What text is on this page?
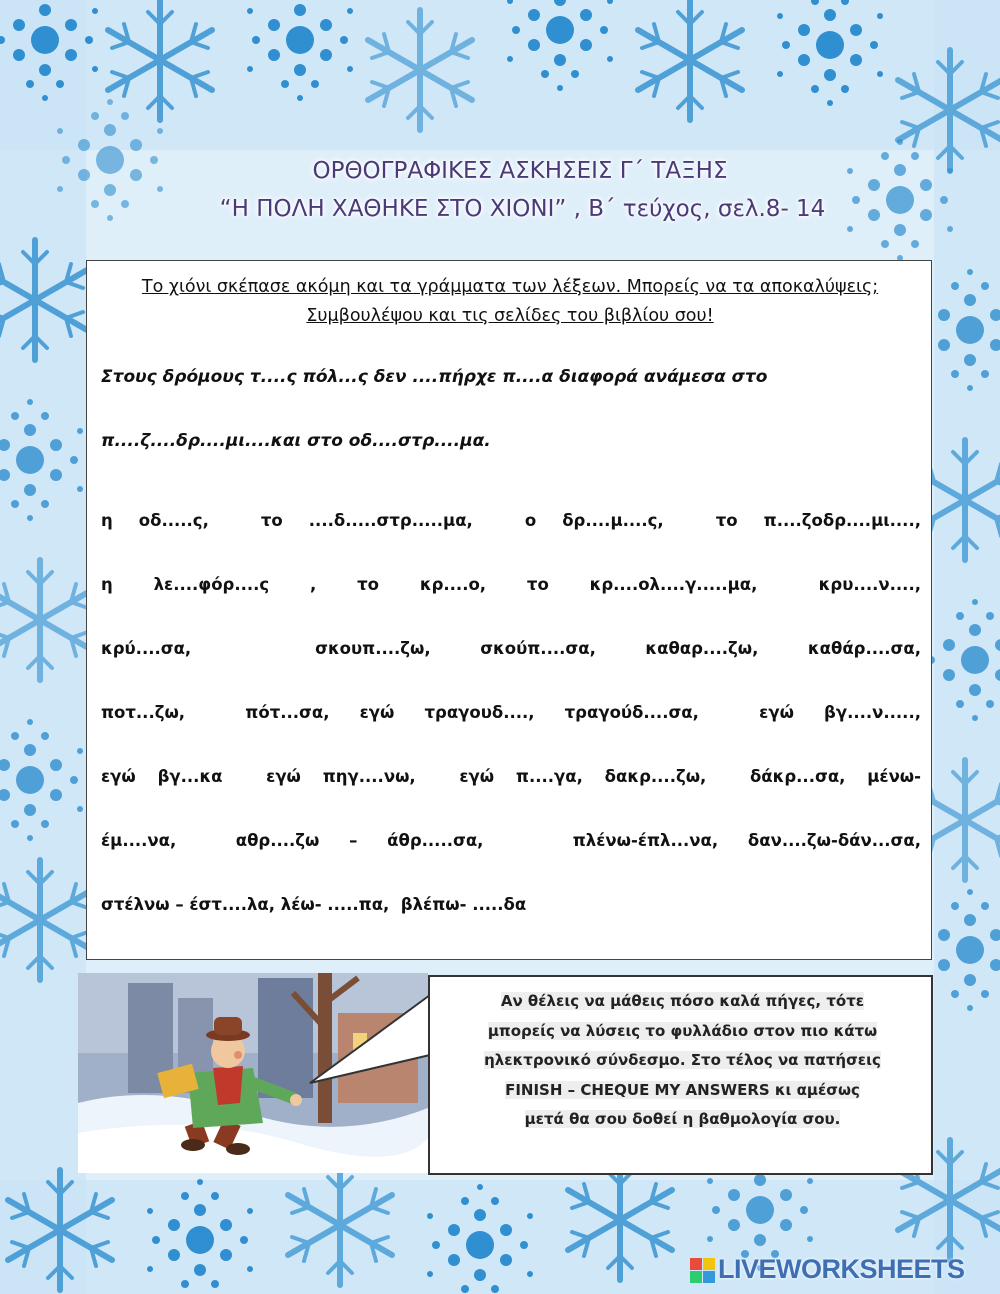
ΟΡΘΟΓΡΑΦΙΚΕΣ ΑΣΚΗΣΕΙΣ Γ΄ ΤΑΞΗΣ
“Η ΠΟΛΗ ΧΑΘΗΚΕ ΣΤΟ ΧΙΟΝΙ” , Β΄ τεύχος, σελ.8- 14
Το χιόνι σκέπασε ακόμη και τα γράμματα των λέξεων. Μπορείς να τα αποκαλύψεις; Συμβουλέψου και τις σελίδες του βιβλίου σου!
Στους δρόμους τ....ς πόλ...ς δεν ....πήρχε π....α διαφορά ανάμεσα στο
π....ζ....δρ....μι....και στο οδ....στρ....μα.
η οδ.....ς,  το ....δ.....στρ.....μα,  ο δρ....μ....ς,  το π....ζοδρ....μι....,
η  λε....φόρ....ς  ,  το  κρ....ο,  το  κρ....ολ....γ.....μα,   κρυ....ν....,
κρύ....σα,     σκουπ....ζω,  σκούπ....σα,  καθαρ....ζω,  καθάρ....σα,
ποτ...ζω,  πότ...σα, εγώ τραγουδ...., τραγούδ....σα,  εγώ βγ....ν.....,
εγώ βγ...κα  εγώ πηγ....νω,  εγώ π....γα, δακρ....ζω,  δάκρ...σα, μένω-
έμ....να,  αθρ....ζω – άθρ.....σα,   πλένω-έπλ...να, δαν....ζω-δάν...σα,
στέλνω – έστ....λα, λέω- .....πα,  βλέπω- .....δα
Αν θέλεις να μάθεις πόσο καλά πήγες, τότε
μπορείς να λύσεις το φυλλάδιο στον πιο κάτω
ηλεκτρονικό σύνδεσμο. Στο τέλος να πατήσεις
FINISH – CHEQUE MY ANSWERS κι αμέσως
μετά θα σου δοθεί η βαθμολογία σου.
LIVEWORKSHEETS
